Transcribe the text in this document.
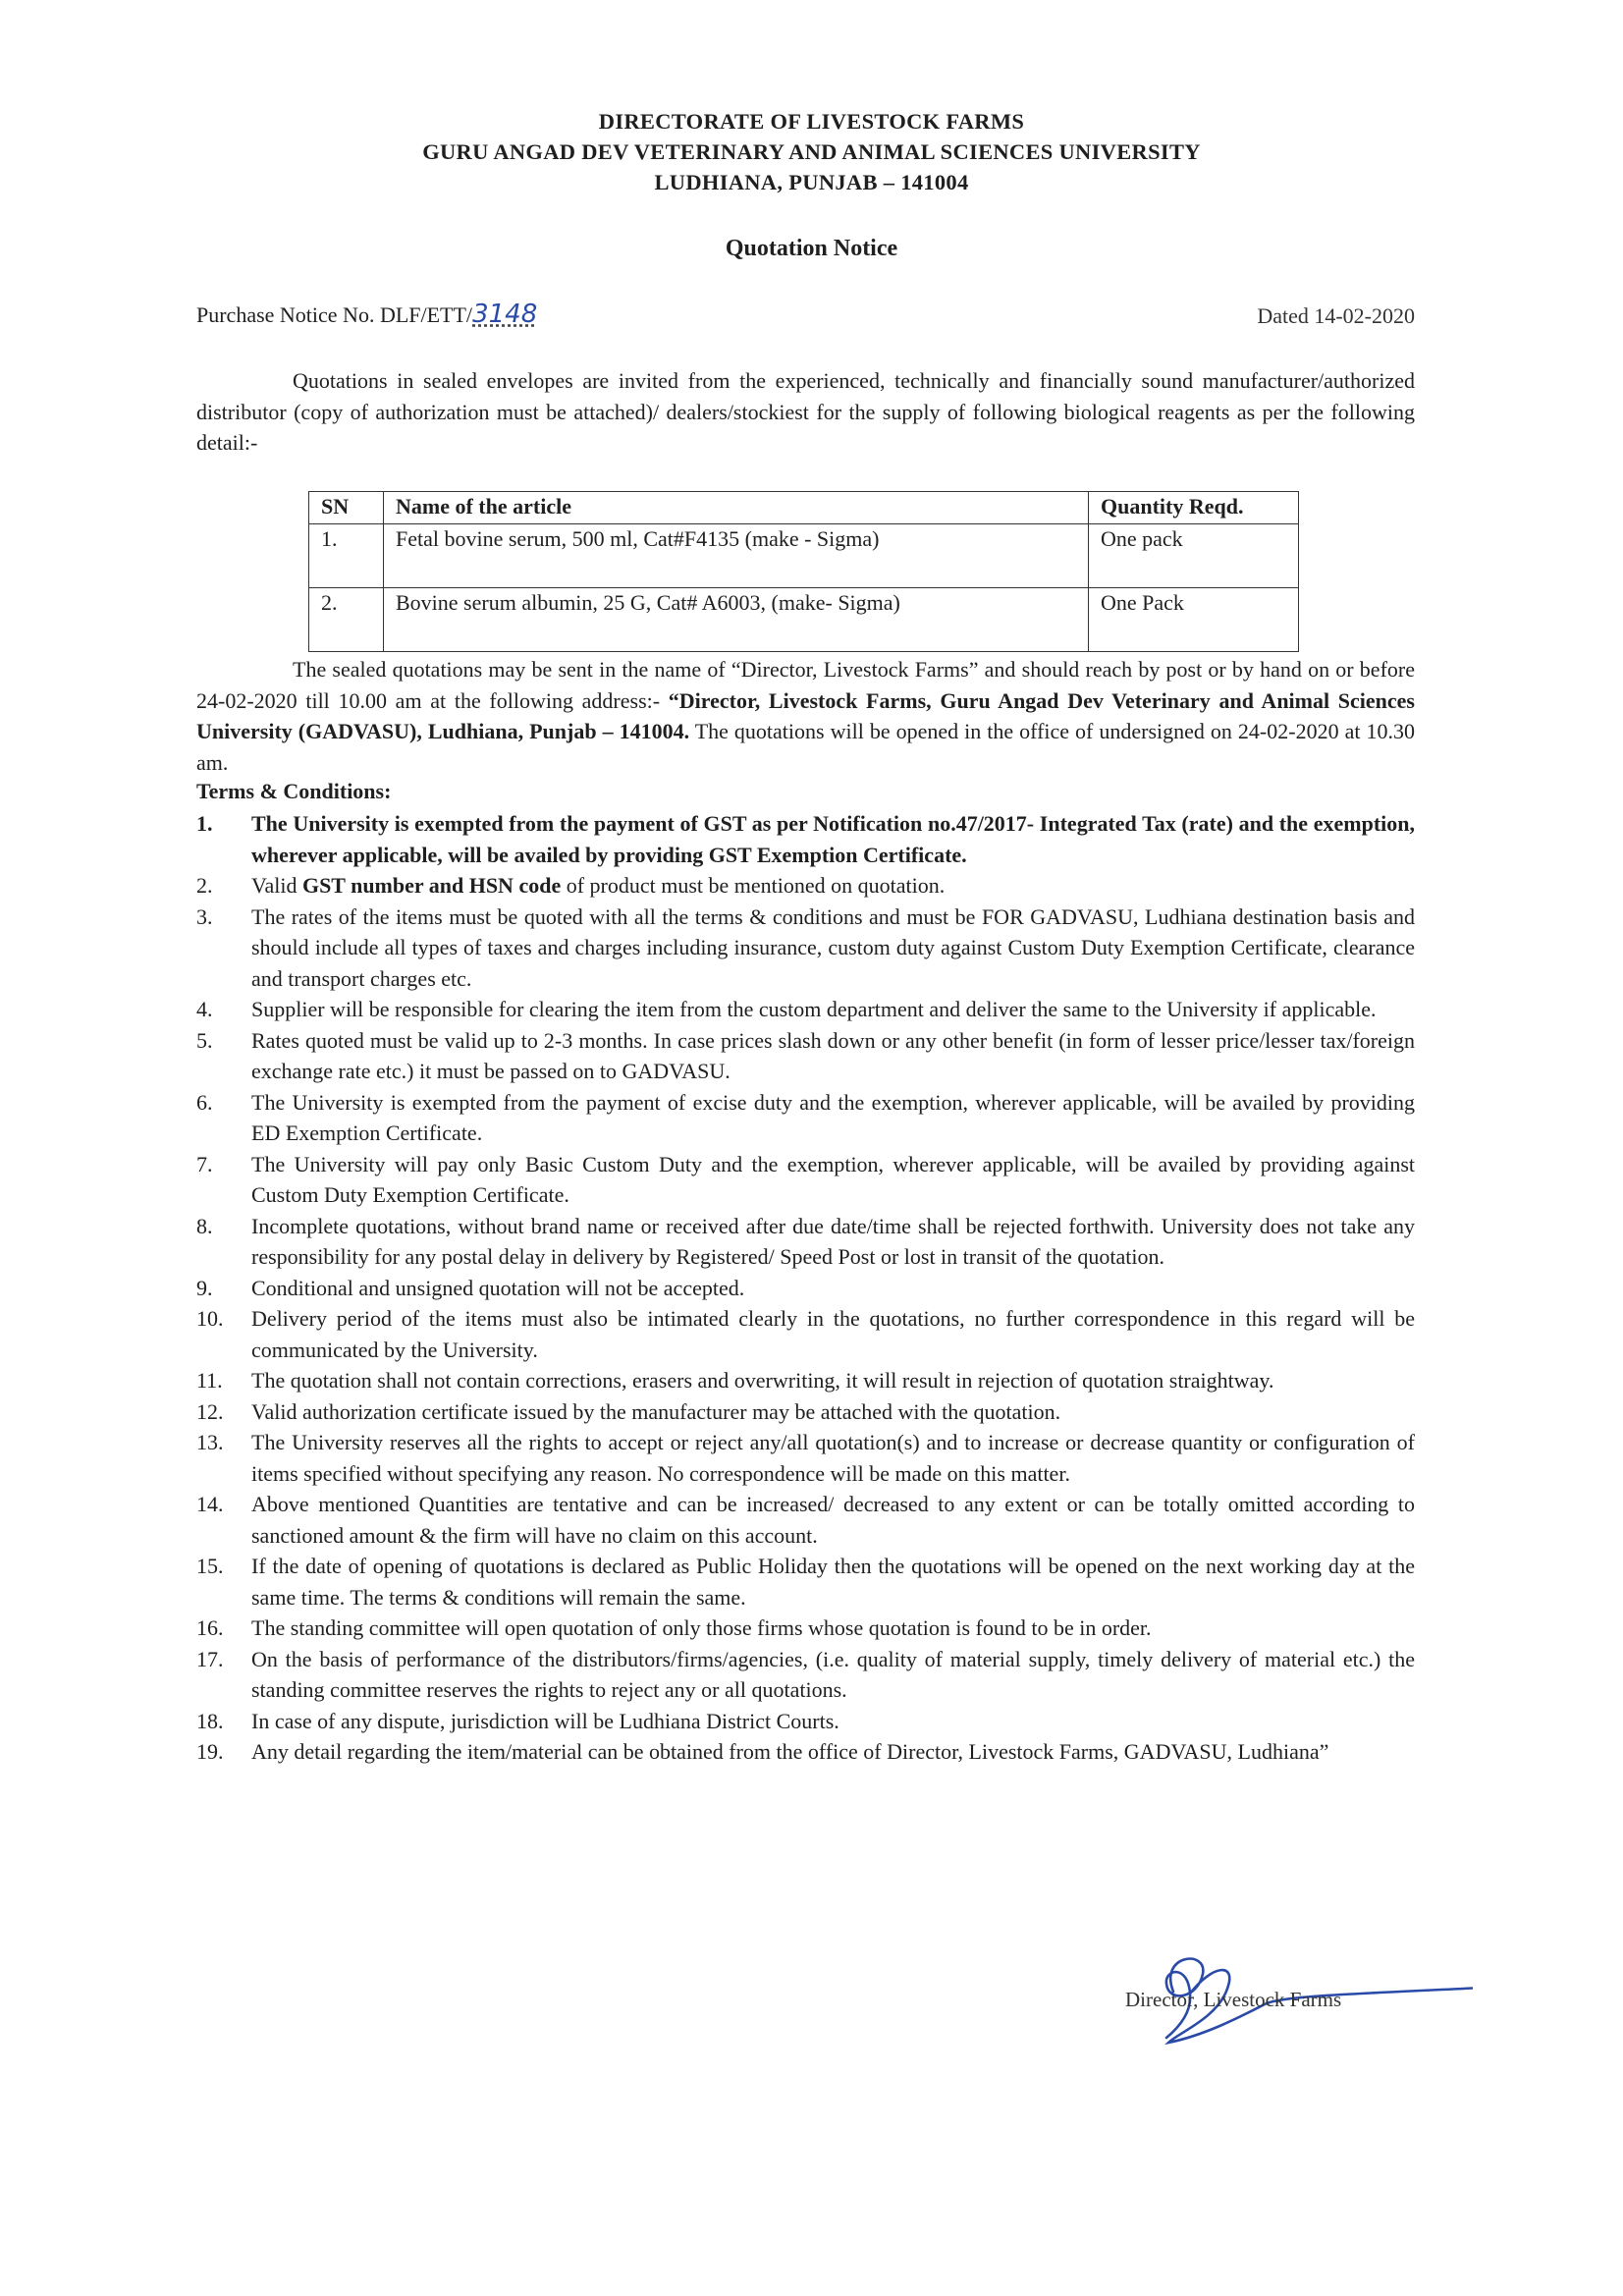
DIRECTORATE OF LIVESTOCK FARMS
GURU ANGAD DEV VETERINARY AND ANIMAL SCIENCES UNIVERSITY
LUDHIANA, PUNJAB – 141004
Quotation Notice
Purchase Notice No. DLF/ETT/3148	Dated 14-02-2020
Quotations in sealed envelopes are invited from the experienced, technically and financially sound manufacturer/authorized distributor (copy of authorization must be attached)/ dealers/stockiest for the supply of following biological reagents as per the following detail:-
SN	Name of the article	Quantity Reqd.
1.	Fetal bovine serum, 500 ml, Cat#F4135 (make - Sigma)	One pack
2.	Bovine serum albumin, 25 G, Cat# A6003, (make- Sigma)	One Pack
The sealed quotations may be sent in the name of “Director, Livestock Farms” and should reach by post or by hand on or before 24-02-2020 till 10.00 am at the following address:- “Director, Livestock Farms, Guru Angad Dev Veterinary and Animal Sciences University (GADVASU), Ludhiana, Punjab – 141004. The quotations will be opened in the office of undersigned on 24-02-2020 at 10.30 am.
Terms & Conditions:
1.	The University is exempted from the payment of GST as per Notification no.47/2017- Integrated Tax (rate) and the exemption, wherever applicable, will be availed by providing GST Exemption Certificate.
2.	Valid GST number and HSN code of product must be mentioned on quotation.
3.	The rates of the items must be quoted with all the terms & conditions and must be FOR GADVASU, Ludhiana destination basis and should include all types of taxes and charges including insurance, custom duty against Custom Duty Exemption Certificate, clearance and transport charges etc.
4.	Supplier will be responsible for clearing the item from the custom department and deliver the same to the University if applicable.
5.	Rates quoted must be valid up to 2-3 months. In case prices slash down or any other benefit (in form of lesser price/lesser tax/foreign exchange rate etc.) it must be passed on to GADVASU.
6.	The University is exempted from the payment of excise duty and the exemption, wherever applicable, will be availed by providing ED Exemption Certificate.
7.	The University will pay only Basic Custom Duty and the exemption, wherever applicable, will be availed by providing against Custom Duty Exemption Certificate.
8.	Incomplete quotations, without brand name or received after due date/time shall be rejected forthwith. University does not take any responsibility for any postal delay in delivery by Registered/ Speed Post or lost in transit of the quotation.
9.	Conditional and unsigned quotation will not be accepted.
10.	Delivery period of the items must also be intimated clearly in the quotations, no further correspondence in this regard will be communicated by the University.
11.	The quotation shall not contain corrections, erasers and overwriting, it will result in rejection of quotation straightway.
12.	Valid authorization certificate issued by the manufacturer may be attached with the quotation.
13.	The University reserves all the rights to accept or reject any/all quotation(s) and to increase or decrease quantity or configuration of items specified without specifying any reason. No correspondence will be made on this matter.
14.	Above mentioned Quantities are tentative and can be increased/ decreased to any extent or can be totally omitted according to sanctioned amount & the firm will have no claim on this account.
15.	If the date of opening of quotations is declared as Public Holiday then the quotations will be opened on the next working day at the same time. The terms & conditions will remain the same.
16.	The standing committee will open quotation of only those firms whose quotation is found to be in order.
17.	On the basis of performance of the distributors/firms/agencies, (i.e. quality of material supply, timely delivery of material etc.) the standing committee reserves the rights to reject any or all quotations.
18.	In case of any dispute, jurisdiction will be Ludhiana District Courts.
19.	Any detail regarding the item/material can be obtained from the office of Director, Livestock Farms, GADVASU, Ludhiana”
Director, Livestock Farms
